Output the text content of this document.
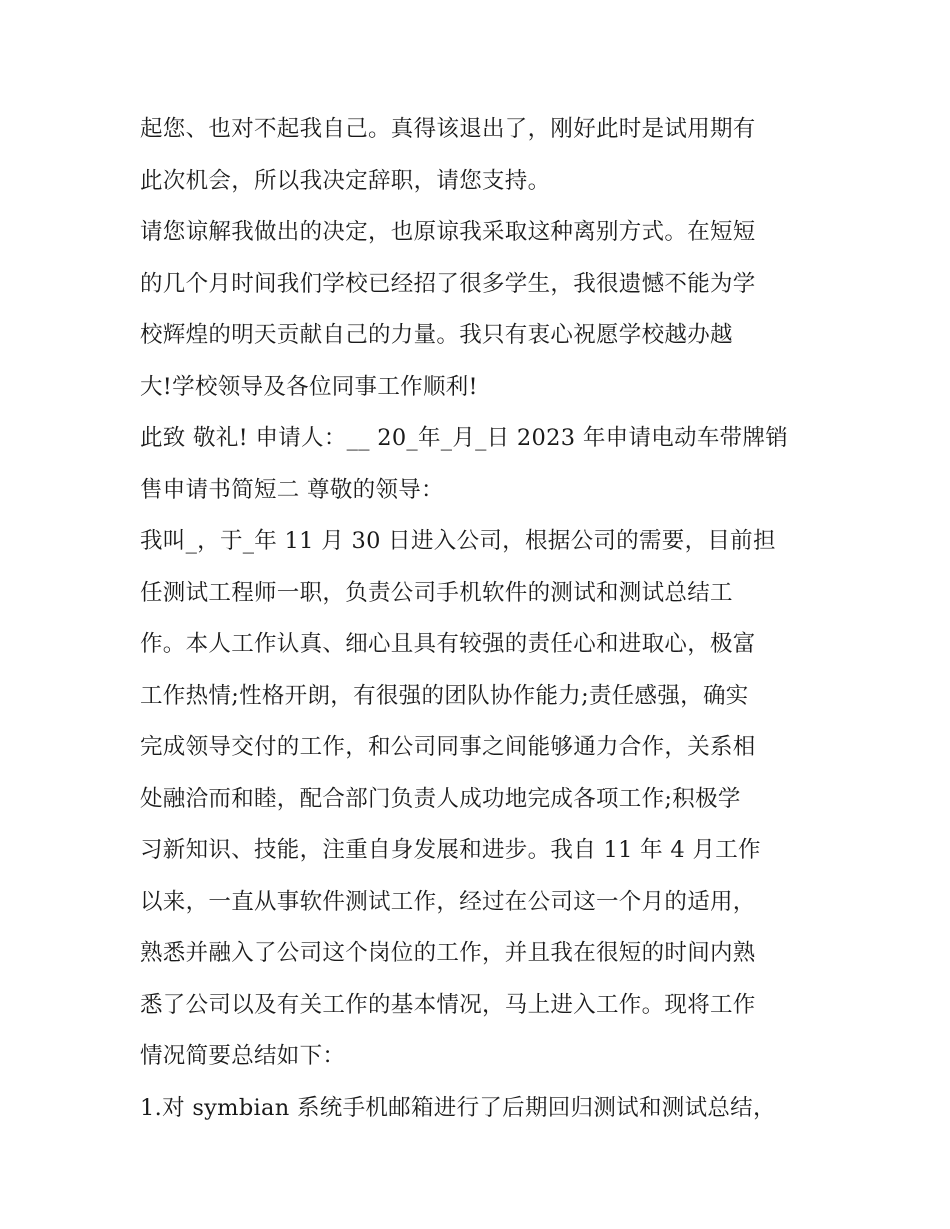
起您、也对不起我自己。真得该退出了，刚好此时是试用期有
此次机会，所以我决定辞职，请您支持。
请您谅解我做出的决定，也原谅我采取这种离别方式。在短短
的几个月时间我们学校已经招了很多学生，我很遗憾不能为学
校辉煌的明天贡献自己的力量。我只有衷心祝愿学校越办越
大!学校领导及各位同事工作顺利!
此致 敬礼! 申请人：__ 20_年_月_日 2023 年申请电动车带牌销
售申请书简短二 尊敬的领导：
我叫_，于_年 11 月 30 日进入公司，根据公司的需要，目前担
任测试工程师一职，负责公司手机软件的测试和测试总结工
作。本人工作认真、细心且具有较强的责任心和进取心，极富
工作热情;性格开朗，有很强的团队协作能力;责任感强，确实
完成领导交付的工作，和公司同事之间能够通力合作，关系相
处融洽而和睦，配合部门负责人成功地完成各项工作;积极学
习新知识、技能，注重自身发展和进步。我自 11 年 4 月工作
以来，一直从事软件测试工作，经过在公司这一个月的适用，
熟悉并融入了公司这个岗位的工作，并且我在很短的时间内熟
悉了公司以及有关工作的基本情况，马上进入工作。现将工作
情况简要总结如下：
1.对 symbian 系统手机邮箱进行了后期回归测试和测试总结，
